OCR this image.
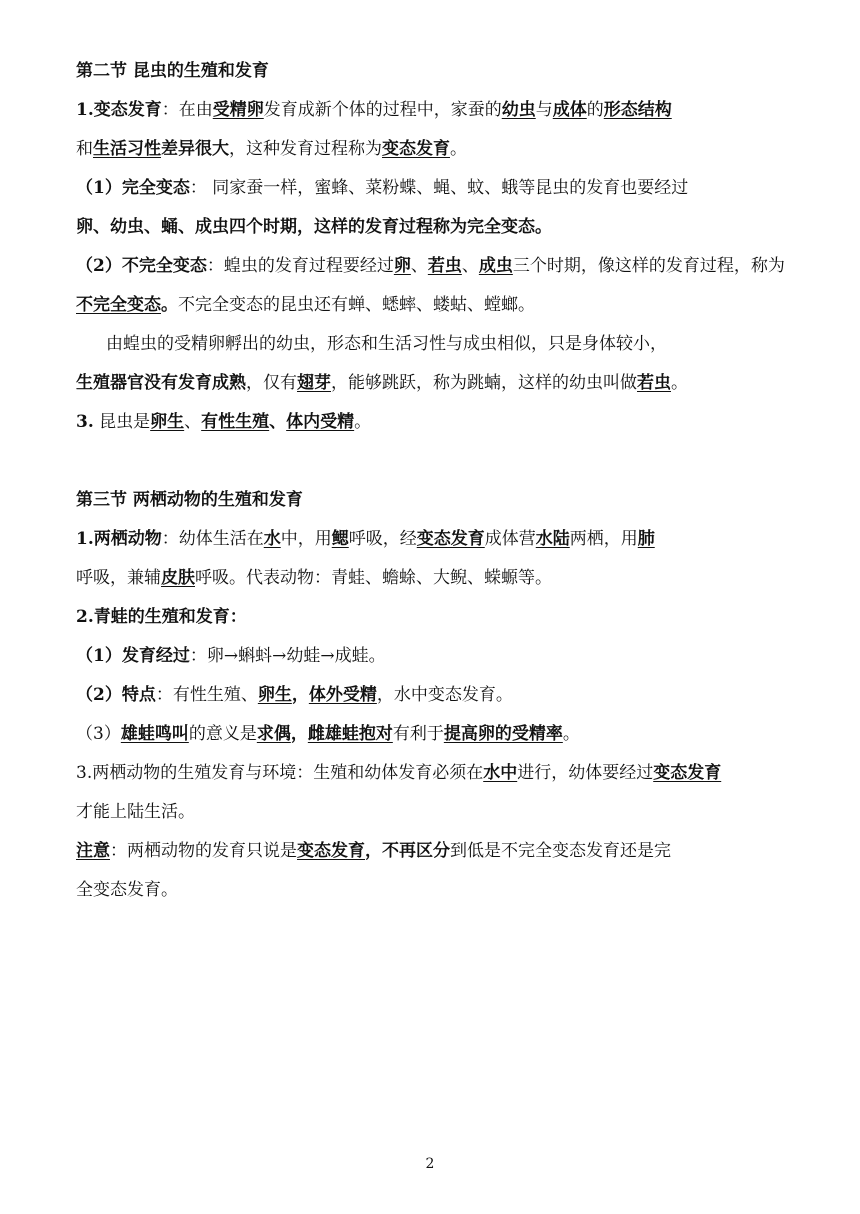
第二节 昆虫的生殖和发育
1.变态发育：在由受精卵发育成新个体的过程中，家蚕的幼虫与成体的形态结构
和生活习性差异很大，这种发育过程称为变态发育。
（1）完全变态： 同家蚕一样，蜜蜂、菜粉蝶、蝇、蚊、蛾等昆虫的发育也要经过
卵、幼虫、蛹、成虫四个时期，这样的发育过程称为完全变态。
（2）不完全变态：蝗虫的发育过程要经过卵、若虫、成虫三个时期，像这样的发育过程，称为
不完全变态。不完全变态的昆虫还有蝉、蟋蟀、蝼蛄、螳螂。
由蝗虫的受精卵孵出的幼虫，形态和生活习性与成虫相似，只是身体较小，
生殖器官没有发育成熟，仅有翅芽，能够跳跃，称为跳蝻，这样的幼虫叫做若虫。
3. 昆虫是卵生、有性生殖、体内受精。
第三节 两栖动物的生殖和发育
1.两栖动物：幼体生活在水中，用鳃呼吸，经变态发育成体营水陆两栖，用肺
呼吸，兼辅皮肤呼吸。代表动物：青蛙、蟾蜍、大鲵、蝾螈等。
2.青蛙的生殖和发育：
（1）发育经过：卵→蝌蚪→幼蛙→成蛙。
（2）特点：有性生殖、卵生，体外受精，水中变态发育。
（3）雄蛙鸣叫的意义是求偶，雌雄蛙抱对有利于提高卵的受精率。
3.两栖动物的生殖发育与环境：生殖和幼体发育必须在水中进行，幼体要经过变态发育
才能上陆生活。
注意：两栖动物的发育只说是变态发育，不再区分到低是不完全变态发育还是完
全变态发育。
2
